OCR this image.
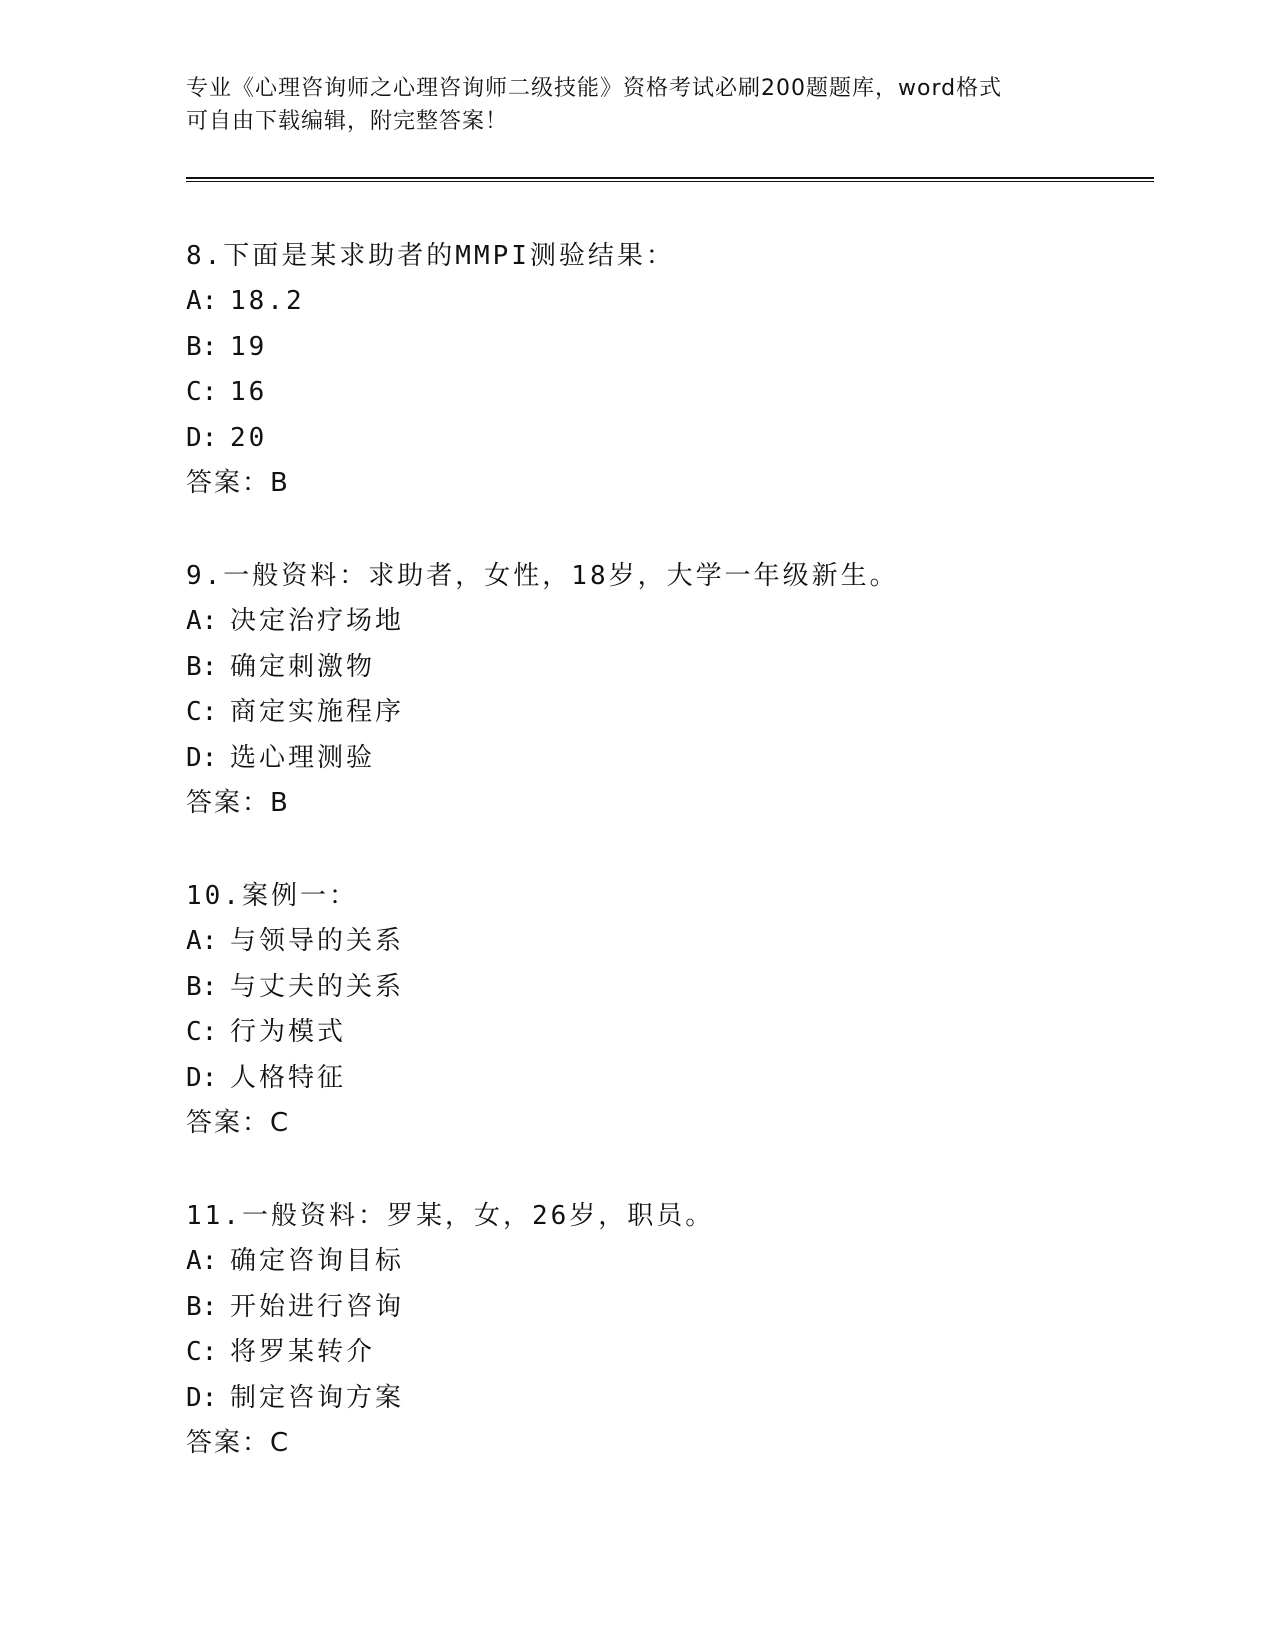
专业《心理咨询师之心理咨询师二级技能》资格考试必刷200题题库，word格式
可自由下载编辑，附完整答案！
8.下面是某求助者的MMPI测验结果：
A: 18.2
B: 19
C: 16
D: 20
答案：B
9.一般资料：求助者，女性，18岁，大学一年级新生。
A: 决定治疗场地
B: 确定刺激物
C: 商定实施程序
D: 选心理测验
答案：B
10.案例一：
A: 与领导的关系
B: 与丈夫的关系
C: 行为模式
D: 人格特征
答案：C
11.一般资料：罗某，女，26岁，职员。
A: 确定咨询目标
B: 开始进行咨询
C: 将罗某转介
D: 制定咨询方案
答案：C
